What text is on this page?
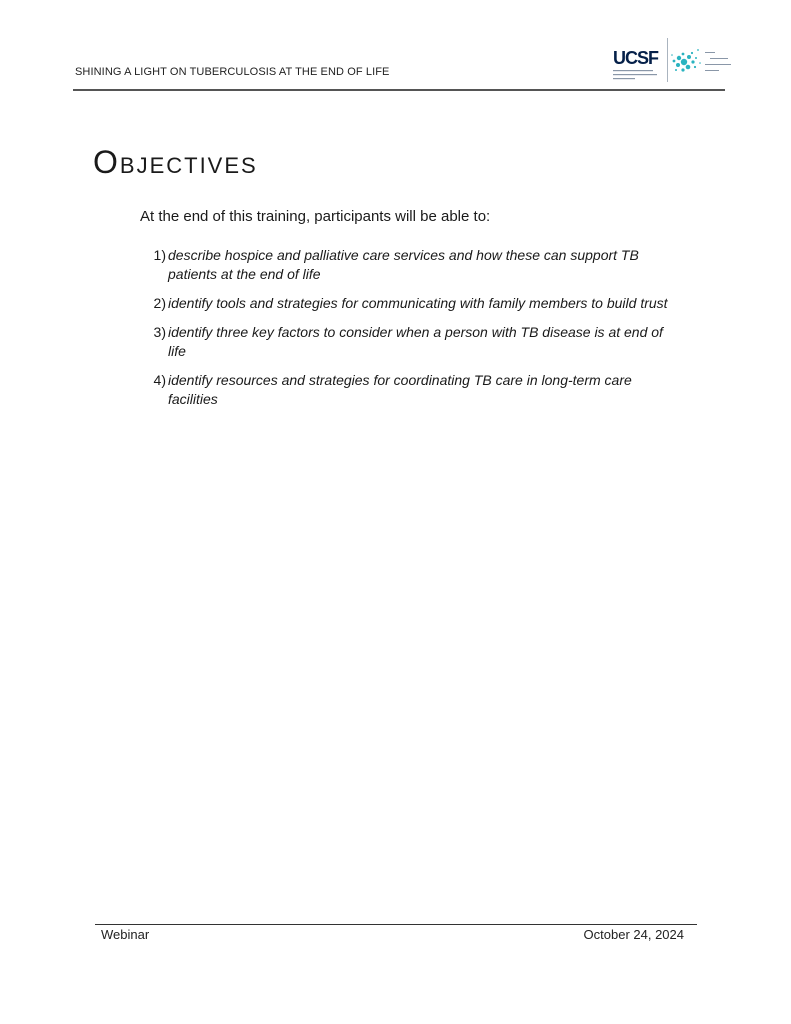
SHINING A LIGHT ON TUBERCULOSIS AT THE END OF LIFE
UCSF
Objectives

At the end of this training, participants will be able to:

1) describe hospice and palliative care services and how these can support TB patients at the end of life
2) identify tools and strategies for communicating with family members to build trust
3) identify three key factors to consider when a person with TB disease is at end of life
4) identify resources and strategies for coordinating TB care in long-term care facilities
Webinar	October 24, 2024
